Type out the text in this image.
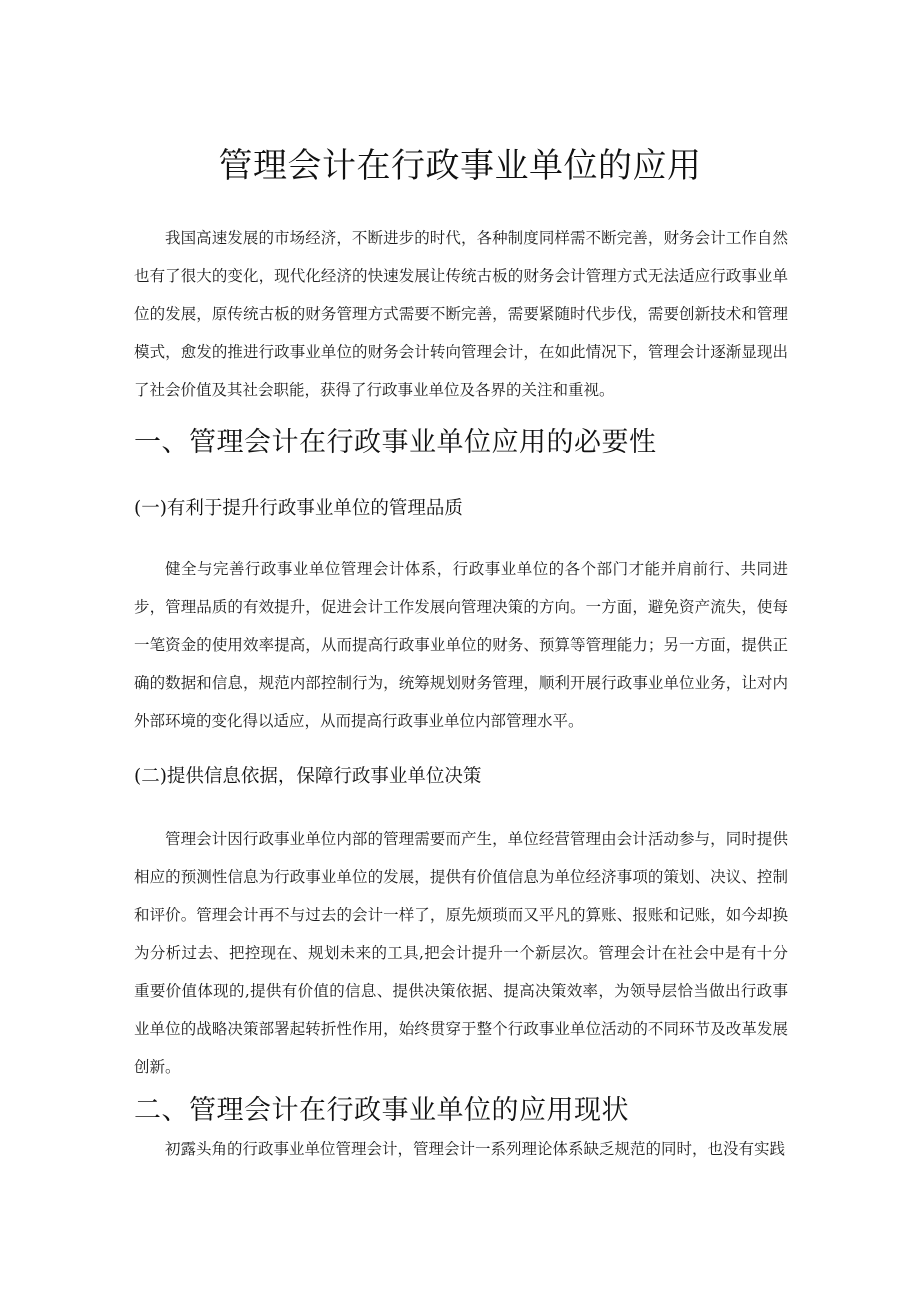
管理会计在行政事业单位的应用

我国高速发展的市场经济，不断进步的时代，各种制度同样需不断完善，财务会计工作自然也有了很大的变化，现代化经济的快速发展让传统古板的财务会计管理方式无法适应行政事业单位的发展，原传统古板的财务管理方式需要不断完善，需要紧随时代步伐，需要创新技术和管理模式，愈发的推进行政事业单位的财务会计转向管理会计，在如此情况下，管理会计逐渐显现出了社会价值及其社会职能，获得了行政事业单位及各界的关注和重视。

一、管理会计在行政事业单位应用的必要性
(一)有利于提升行政事业单位的管理品质

健全与完善行政事业单位管理会计体系，行政事业单位的各个部门才能并肩前行、共同进步，管理品质的有效提升，促进会计工作发展向管理决策的方向。一方面，避免资产流失，使每一笔资金的使用效率提高，从而提高行政事业单位的财务、预算等管理能力；另一方面，提供正确的数据和信息，规范内部控制行为，统筹规划财务管理，顺利开展行政事业单位业务，让对内外部环境的变化得以适应，从而提高行政事业单位内部管理水平。

(二)提供信息依据，保障行政事业单位决策

管理会计因行政事业单位内部的管理需要而产生，单位经营管理由会计活动参与，同时提供相应的预测性信息为行政事业单位的发展，提供有价值信息为单位经济事项的策划、决议、控制和评价。管理会计再不与过去的会计一样了，原先烦琐而又平凡的算账、报账和记账，如今却换为分析过去、把控现在、规划未来的工具,把会计提升一个新层次。管理会计在社会中是有十分重要价值体现的,提供有价值的信息、提供决策依据、提高决策效率，为领导层恰当做出行政事业单位的战略决策部署起转折性作用，始终贯穿于整个行政事业单位活动的不同环节及改革发展创新。

二、管理会计在行政事业单位的应用现状

初露头角的行政事业单位管理会计，管理会计一系列理论体系缺乏规范的同时，也没有实践
